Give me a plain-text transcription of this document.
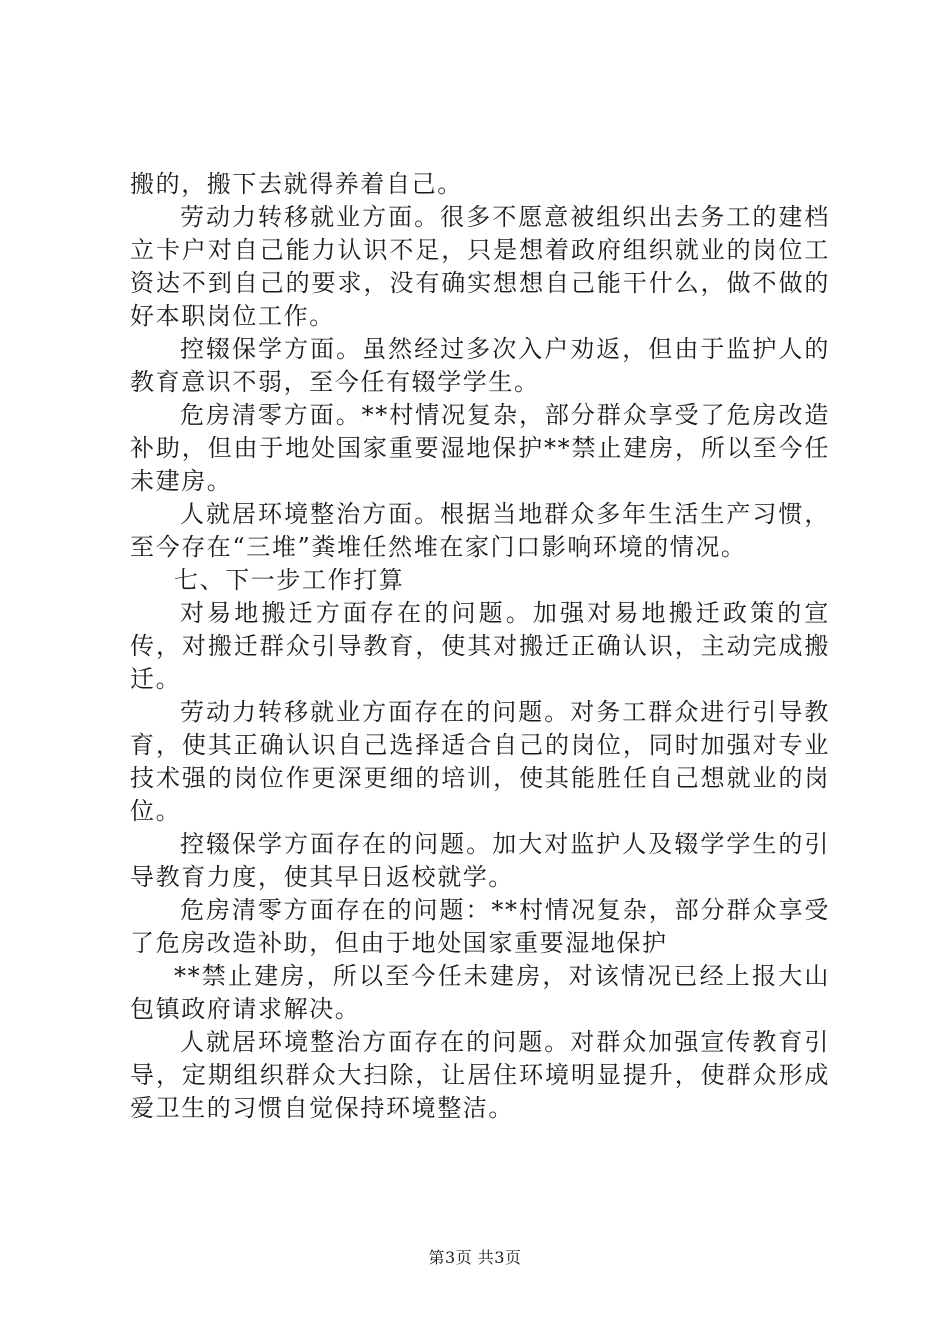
搬的，搬下去就得养着自己。

劳动力转移就业方面。很多不愿意被组织出去务工的建档立卡户对自己能力认识不足，只是想着政府组织就业的岗位工资达不到自己的要求，没有确实想想自己能干什么，做不做的好本职岗位工作。

控辍保学方面。虽然经过多次入户劝返，但由于监护人的教育意识不弱，至今任有辍学学生。

危房清零方面。**村情况复杂，部分群众享受了危房改造补助，但由于地处国家重要湿地保护**禁止建房，所以至今任未建房。

人就居环境整治方面。根据当地群众多年生活生产习惯，至今存在“三堆”粪堆任然堆在家门口影响环境的情况。

七、下一步工作打算

对易地搬迁方面存在的问题。加强对易地搬迁政策的宣传，对搬迁群众引导教育，使其对搬迁正确认识，主动完成搬迁。

劳动力转移就业方面存在的问题。对务工群众进行引导教育，使其正确认识自己选择适合自己的岗位，同时加强对专业技术强的岗位作更深更细的培训，使其能胜任自己想就业的岗位。

控辍保学方面存在的问题。加大对监护人及辍学学生的引导教育力度，使其早日返校就学。

危房清零方面存在的问题：**村情况复杂，部分群众享受了危房改造补助，但由于地处国家重要湿地保护

**禁止建房，所以至今任未建房，对该情况已经上报大山包镇政府请求解决。

人就居环境整治方面存在的问题。对群众加强宣传教育引导，定期组织群众大扫除，让居住环境明显提升，使群众形成爱卫生的习惯自觉保持环境整洁。

第3页 共3页
